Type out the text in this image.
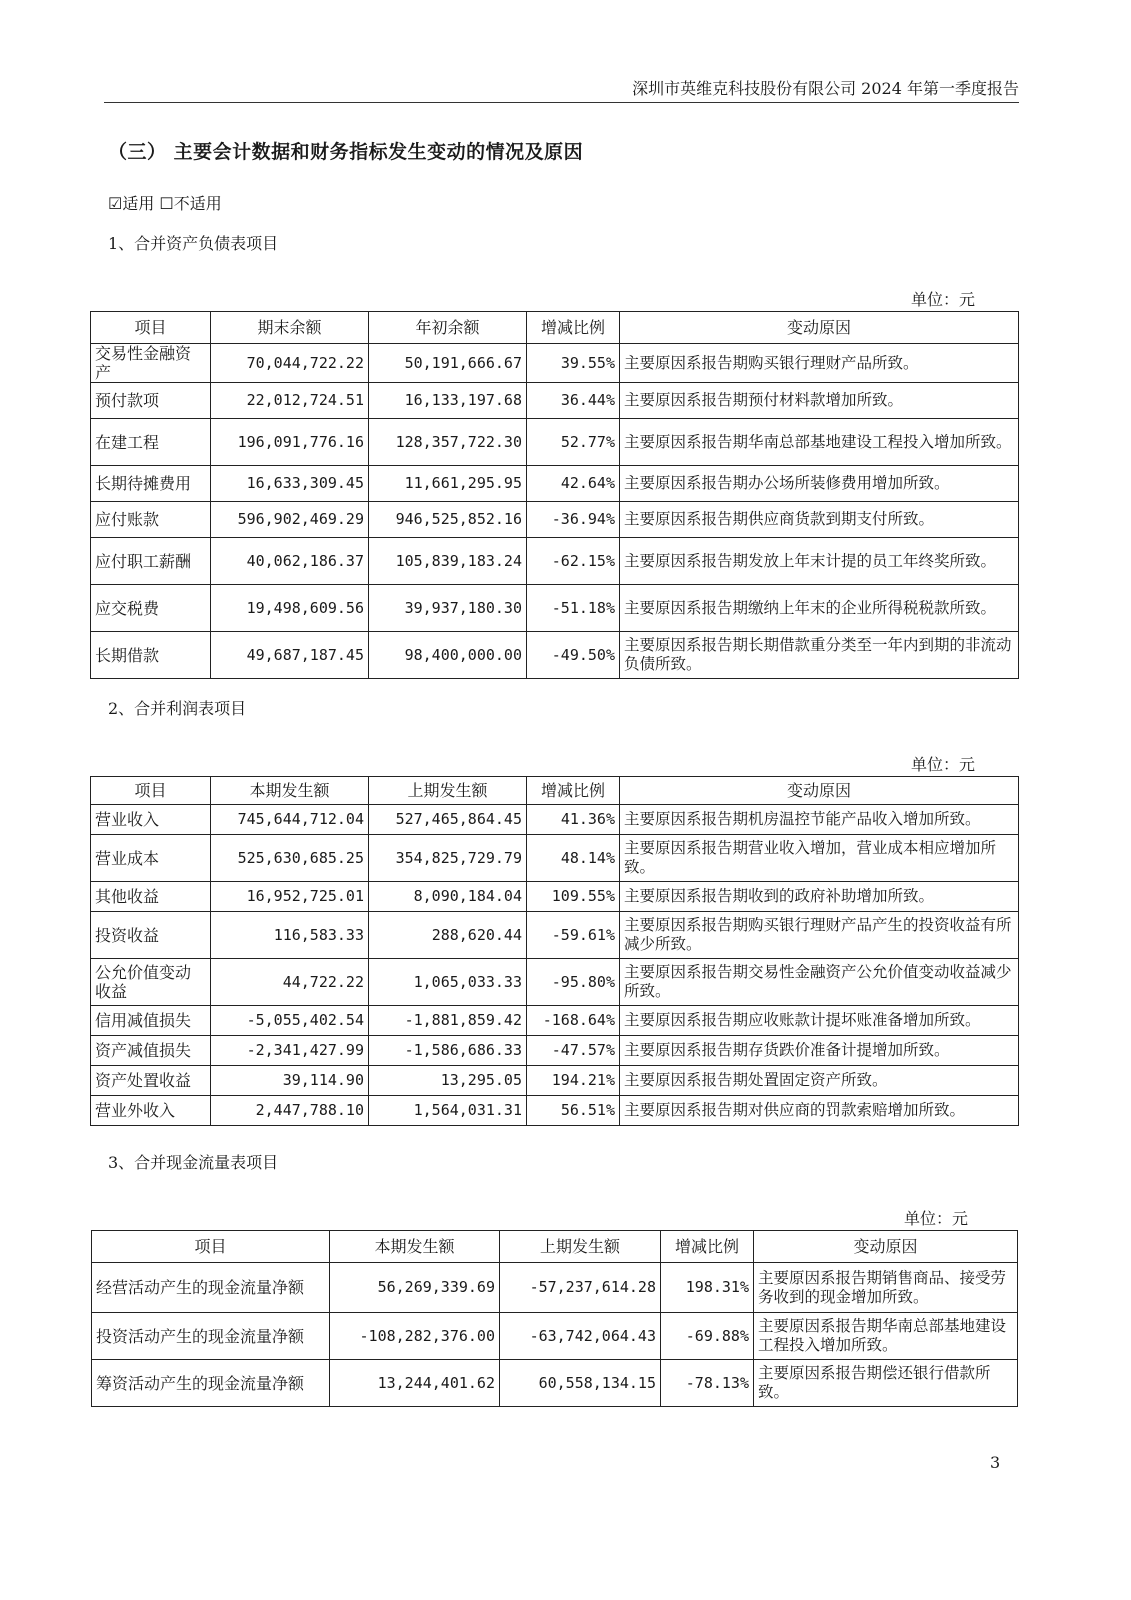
深圳市英维克科技股份有限公司 2024 年第一季度报告
（三） 主要会计数据和财务指标发生变动的情况及原因
☑适用 ☐不适用
1、合并资产负债表项目
单位：元
项目	期末余额	年初余额	增减比例	变动原因
交易性金融资产	70,044,722.22	50,191,666.67	39.55%	主要原因系报告期购买银行理财产品所致。
预付款项	22,012,724.51	16,133,197.68	36.44%	主要原因系报告期预付材料款增加所致。
在建工程	196,091,776.16	128,357,722.30	52.77%	主要原因系报告期华南总部基地建设工程投入增加所致。
长期待摊费用	16,633,309.45	11,661,295.95	42.64%	主要原因系报告期办公场所装修费用增加所致。
应付账款	596,902,469.29	946,525,852.16	-36.94%	主要原因系报告期供应商货款到期支付所致。
应付职工薪酬	40,062,186.37	105,839,183.24	-62.15%	主要原因系报告期发放上年末计提的员工年终奖所致。
应交税费	19,498,609.56	39,937,180.30	-51.18%	主要原因系报告期缴纳上年末的企业所得税税款所致。
长期借款	49,687,187.45	98,400,000.00	-49.50%	主要原因系报告期长期借款重分类至一年内到期的非流动负债所致。
2、合并利润表项目
单位：元
项目	本期发生额	上期发生额	增减比例	变动原因
营业收入	745,644,712.04	527,465,864.45	41.36%	主要原因系报告期机房温控节能产品收入增加所致。
营业成本	525,630,685.25	354,825,729.79	48.14%	主要原因系报告期营业收入增加，营业成本相应增加所致。
其他收益	16,952,725.01	8,090,184.04	109.55%	主要原因系报告期收到的政府补助增加所致。
投资收益	116,583.33	288,620.44	-59.61%	主要原因系报告期购买银行理财产品产生的投资收益有所减少所致。
公允价值变动收益	44,722.22	1,065,033.33	-95.80%	主要原因系报告期交易性金融资产公允价值变动收益减少所致。
信用减值损失	-5,055,402.54	-1,881,859.42	-168.64%	主要原因系报告期应收账款计提坏账准备增加所致。
资产减值损失	-2,341,427.99	-1,586,686.33	-47.57%	主要原因系报告期存货跌价准备计提增加所致。
资产处置收益	39,114.90	13,295.05	194.21%	主要原因系报告期处置固定资产所致。
营业外收入	2,447,788.10	1,564,031.31	56.51%	主要原因系报告期对供应商的罚款索赔增加所致。
3、合并现金流量表项目
单位：元
项目	本期发生额	上期发生额	增减比例	变动原因
经营活动产生的现金流量净额	56,269,339.69	-57,237,614.28	198.31%	主要原因系报告期销售商品、接受劳务收到的现金增加所致。
投资活动产生的现金流量净额	-108,282,376.00	-63,742,064.43	-69.88%	主要原因系报告期华南总部基地建设工程投入增加所致。
筹资活动产生的现金流量净额	13,244,401.62	60,558,134.15	-78.13%	主要原因系报告期偿还银行借款所致。
3
